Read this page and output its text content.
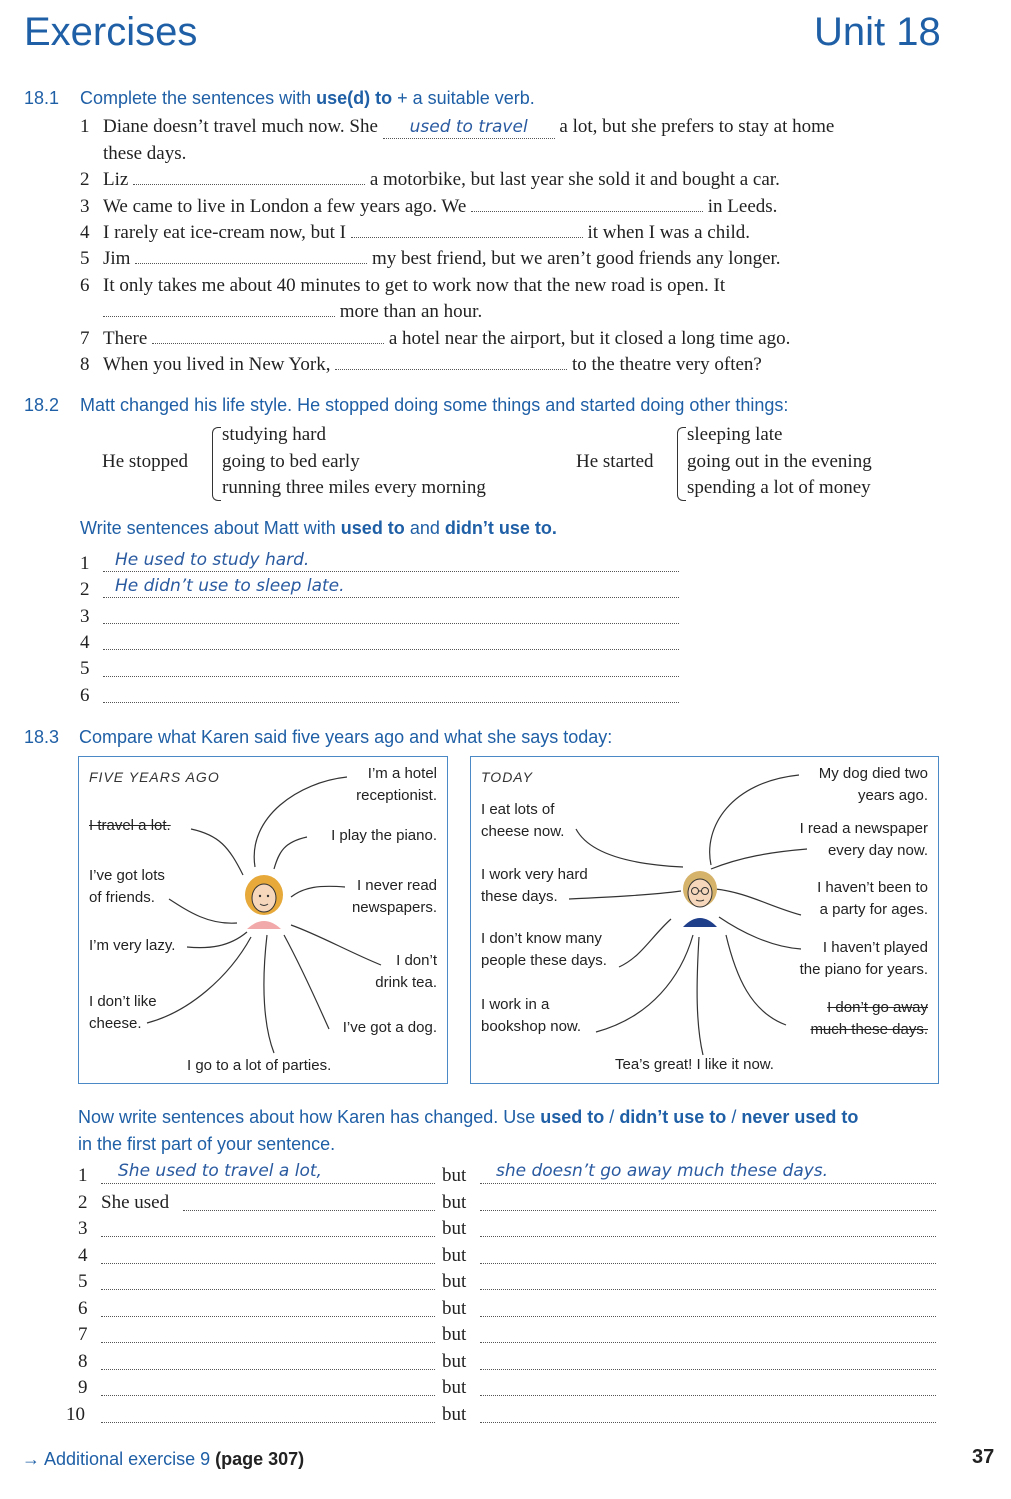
Exercises	Unit 18
18.1 Complete the sentences with use(d) to + a suitable verb.
1 Diane doesn’t travel much now. She used to travel a lot, but she prefers to stay at home
these days.
2 Liz	a motorbike, but last year she sold it and bought a car.
3 We came to live in London a few years ago. We	in Leeds.
4 I rarely eat ice-cream now, but I	it when I was a child.
5 Jim	my best friend, but we aren’t good friends any longer.
6 It only takes me about 40 minutes to get to work now that the new road is open. It
more than an hour.
7 There	a hotel near the airport, but it closed a long time ago.
8 When you lived in New York,	to the theatre very often?
18.2 Matt changed his life style. He stopped doing some things and started doing other things:
He stopped
studying hard
going to bed early
running three miles every morning
He started
sleeping late
going out in the evening
spending a lot of money
Write sentences about Matt with used to and didn’t use to.
1 He used to study hard.
2 He didn’t use to sleep late.
3
4
5
6
18.3 Compare what Karen said five years ago and what she says today:
FIVE YEARS AGO	I’m a hotel
receptionist.
I travel a lot.
I play the piano.
I’ve got lots
of friends.
I never read
newspapers.
I’m very lazy.
I don’t
drink tea.
I don’t like
cheese.	I’ve got a dog.
I go to a lot of parties.
TODAY
I eat lots of
cheese now.
My dog died two
years ago.
I read a newspaper
every day now.
I work very hard
these days.
I haven’t been to
a party for ages.
I don’t know many
people these days.
I haven’t played
the piano for years.
I work in a
bookshop now.
I don’t go away
much these days.
Tea’s great! I like it now.
Now write sentences about how Karen has changed. Use used to / didn’t use to / never used to
in the first part of your sentence.
1 She used to travel a lot,	but she doesn’t go away much these days.
2 She used	but
3	but
4	but
5	but
6	but
7	but
8	but
9	but
10	but
→ Additional exercise 9 (page 307)	37
